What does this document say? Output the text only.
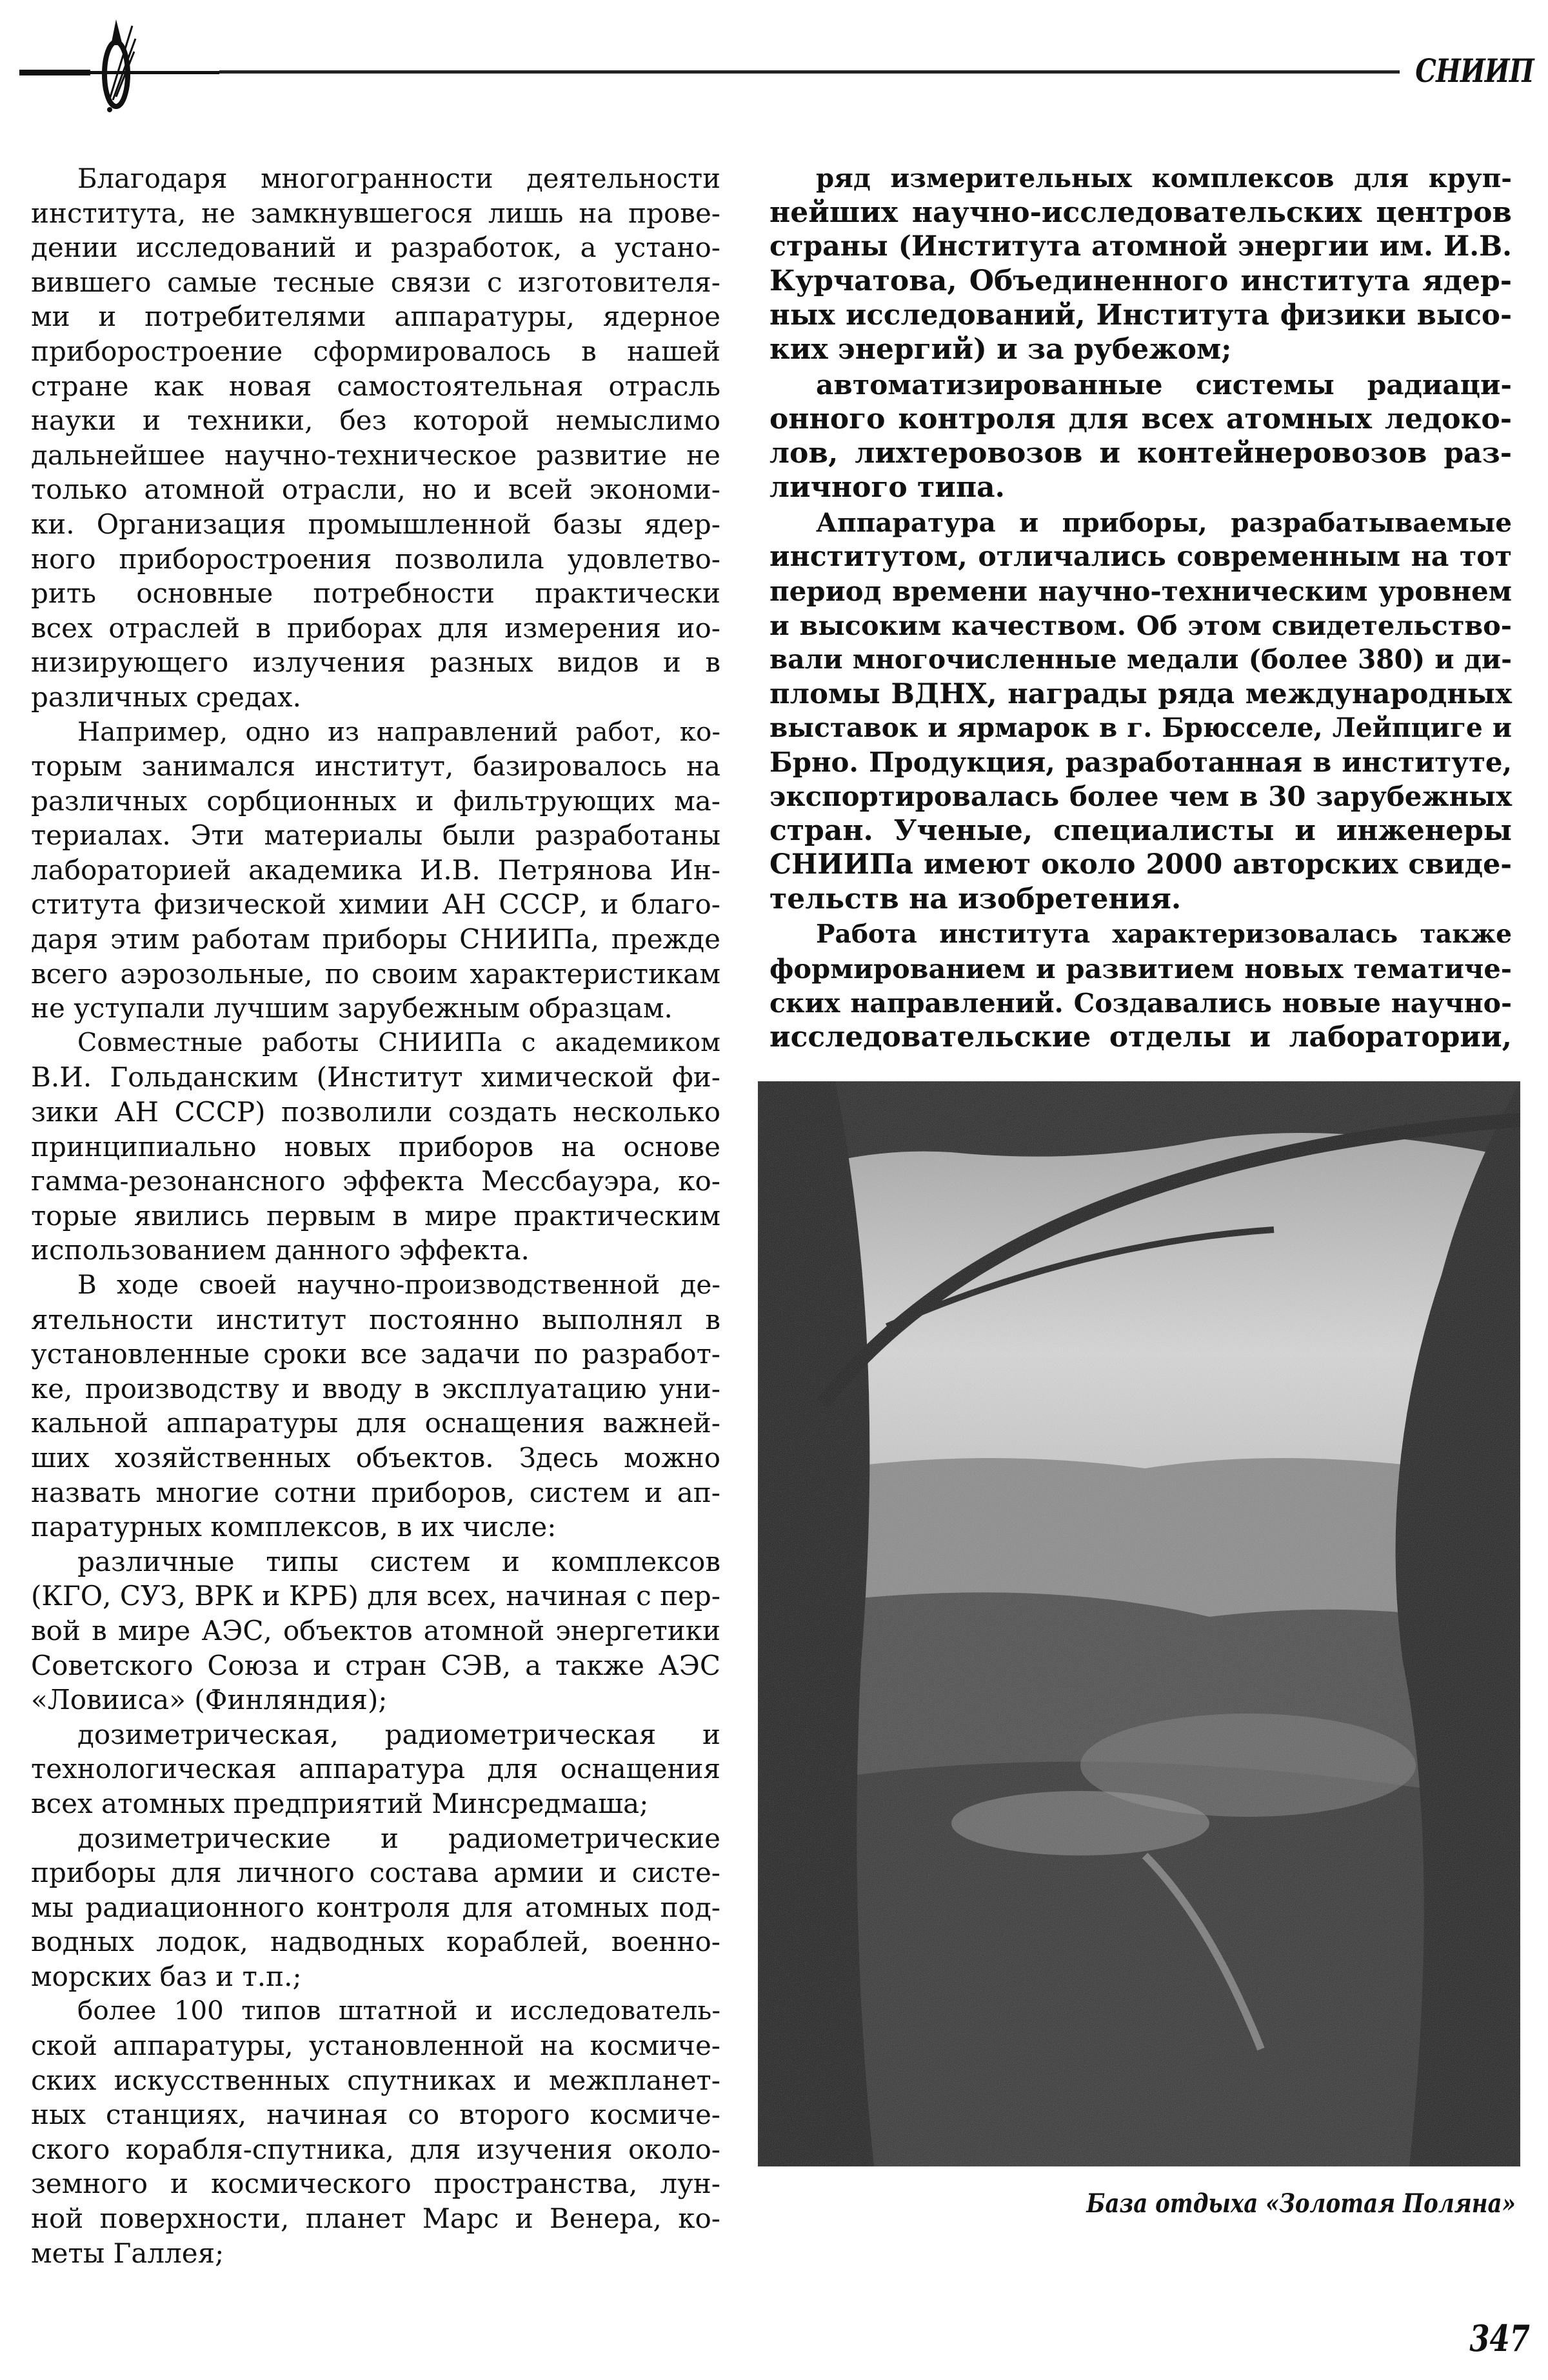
СНИИП
Благодаря многогранности деятельности
института, не замкнувшегося лишь на прове-
дении исследований и разработок, а устано-
вившего самые тесные связи с изготовителя-
ми и потребителями аппаратуры, ядерное
приборостроение сформировалось в нашей
стране как новая самостоятельная отрасль
науки и техники, без которой немыслимо
дальнейшее научно-техническое развитие не
только атомной отрасли, но и всей экономи-
ки. Организация промышленной базы ядер-
ного приборостроения позволила удовлетво-
рить основные потребности практически
всех отраслей в приборах для измерения ио-
низирующего излучения разных видов и в
различных средах.
Например, одно из направлений работ, ко-
торым занимался институт, базировалось на
различных сорбционных и фильтрующих ма-
териалах. Эти материалы были разработаны
лабораторией академика И.В. Петрянова Ин-
ститута физической химии АН СССР, и благо-
даря этим работам приборы СНИИПа, прежде
всего аэрозольные, по своим характеристикам
не уступали лучшим зарубежным образцам.
Совместные работы СНИИПа с академиком
В.И. Гольданским (Институт химической фи-
зики АН СССР) позволили создать несколько
принципиально новых приборов на основе
гамма-резонансного эффекта Мессбауэра, ко-
торые явились первым в мире практическим
использованием данного эффекта.
В ходе своей научно-производственной де-
ятельности институт постоянно выполнял в
установленные сроки все задачи по разработ-
ке, производству и вводу в эксплуатацию уни-
кальной аппаратуры для оснащения важней-
ших хозяйственных объектов. Здесь можно
назвать многие сотни приборов, систем и ап-
паратурных комплексов, в их числе:
различные типы систем и комплексов
(КГО, СУЗ, ВРК и КРБ) для всех, начиная с пер-
вой в мире АЭС, объектов атомной энергетики
Советского Союза и стран СЭВ, а также АЭС
«Ловииса» (Финляндия);
дозиметрическая, радиометрическая и
технологическая аппаратура для оснащения
всех атомных предприятий Минсредмаша;
дозиметрические и радиометрические
приборы для личного состава армии и систе-
мы радиационного контроля для атомных под-
водных лодок, надводных кораблей, военно-
морских баз и т.п.;
более 100 типов штатной и исследователь-
ской аппаратуры, установленной на космиче-
ских искусственных спутниках и межпланет-
ных станциях, начиная со второго космиче-
ского корабля-спутника, для изучения около-
земного и космического пространства, лун-
ной поверхности, планет Марс и Венера, ко-
меты Галлея;
ряд измерительных комплексов для круп-
нейших научно-исследовательских центров
страны (Института атомной энергии им. И.В.
Курчатова, Объединенного института ядер-
ных исследований, Института физики высо-
ких энергий) и за рубежом;
автоматизированные системы радиаци-
онного контроля для всех атомных ледоко-
лов, лихтеровозов и контейнеровозов раз-
личного типа.
Аппаратура и приборы, разрабатываемые
институтом, отличались современным на тот
период времени научно-техническим уровнем
и высоким качеством. Об этом свидетельство-
вали многочисленные медали (более 380) и ди-
пломы ВДНХ, награды ряда международных
выставок и ярмарок в г. Брюсселе, Лейпциге и
Брно. Продукция, разработанная в институте,
экспортировалась более чем в 30 зарубежных
стран. Ученые, специалисты и инженеры
СНИИПа имеют около 2000 авторских свиде-
тельств на изобретения.
Работа института характеризовалась также
формированием и развитием новых тематиче-
ских направлений. Создавались новые научно-
исследовательские отделы и лаборатории,
База отдыха «Золотая Поляна»
347
